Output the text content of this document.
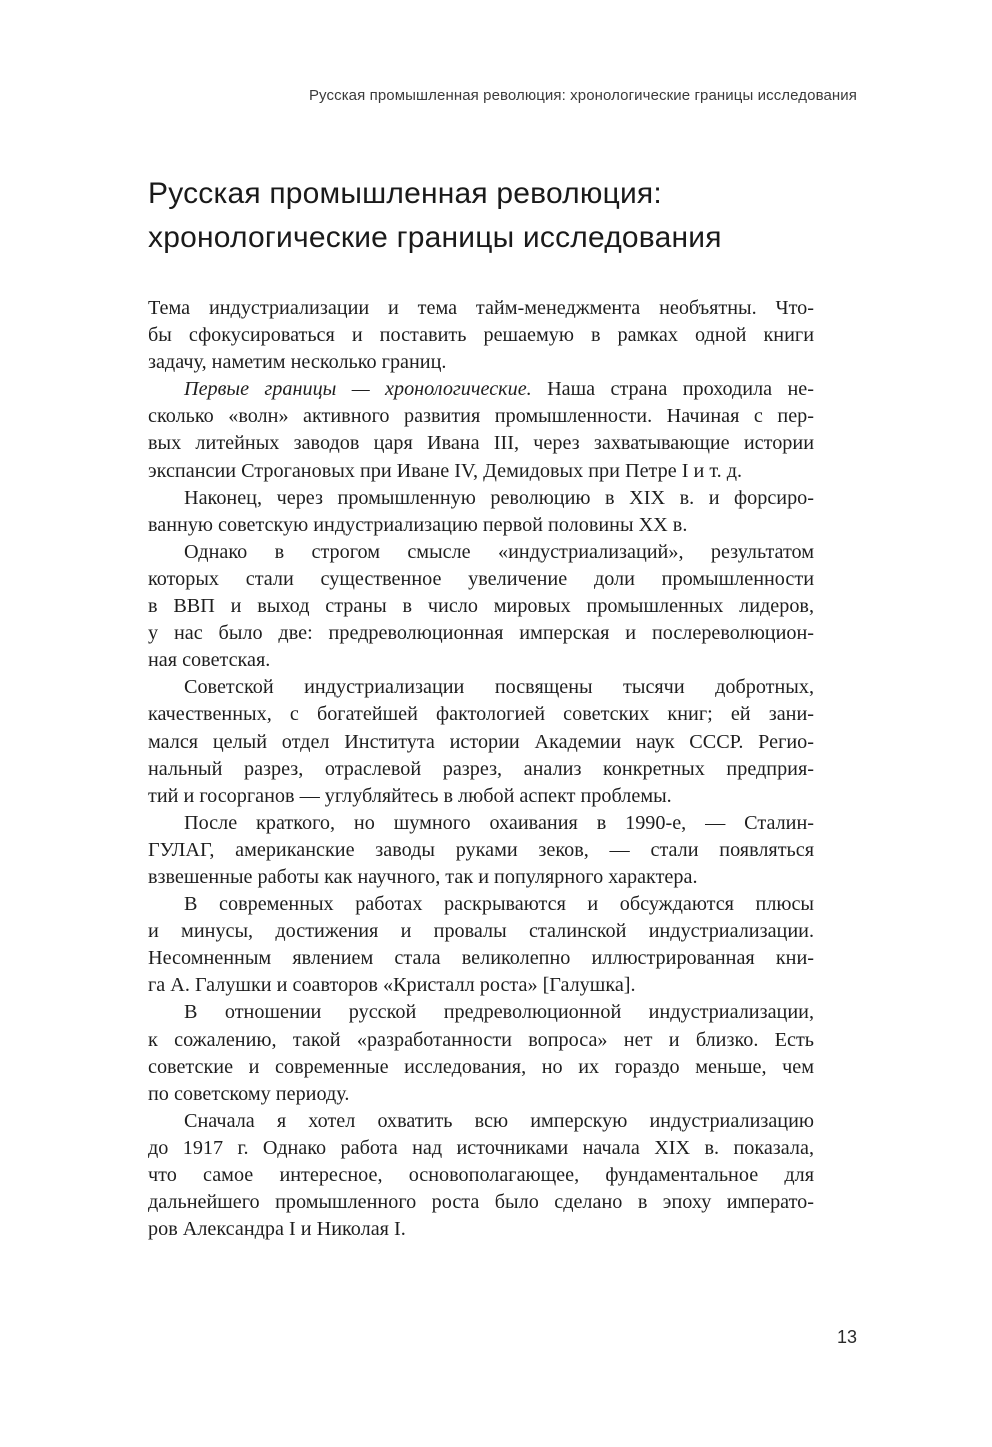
Русская промышленная революция: хронологические границы исследования
Русская промышленная революция:
хронологические границы исследования
Тема индустриализации и тема тайм-менеджмента необъятны. Что-
бы сфокусироваться и поставить решаемую в рамках одной книги
задачу, наметим несколько границ.
Первые границы — хронологические. Наша страна проходила не-
сколько «волн» активного развития промышленности. Начиная с пер-
вых литейных заводов царя Ивана III, через захватывающие истории
экспансии Строгановых при Иване IV, Демидовых при Петре I и т. д.
Наконец, через промышленную революцию в XIX в. и форсиро-
ванную советскую индустриализацию первой половины XX в.
Однако в строгом смысле «индустриализаций», результатом
которых стали существенное увеличение доли промышленности
в ВВП и выход страны в число мировых промышленных лидеров,
у нас было две: предреволюционная имперская и послереволюцион-
ная советская.
Советской индустриализации посвящены тысячи добротных,
качественных, с богатейшей фактологией советских книг; ей зани-
мался целый отдел Института истории Академии наук СССР. Регио-
нальный разрез, отраслевой разрез, анализ конкретных предприя-
тий и госорганов — углубляйтесь в любой аспект проблемы.
После краткого, но шумного охаивания в 1990-е, — Сталин-
ГУЛАГ, американские заводы руками зеков, — стали появляться
взвешенные работы как научного, так и популярного характера.
В современных работах раскрываются и обсуждаются плюсы
и минусы, достижения и провалы сталинской индустриализации.
Несомненным явлением стала великолепно иллюстрированная кни-
га А. Галушки и соавторов «Кристалл роста» [Галушка].
В отношении русской предреволюционной индустриализации,
к сожалению, такой «разработанности вопроса» нет и близко. Есть
советские и современные исследования, но их гораздо меньше, чем
по советскому периоду.
Сначала я хотел охватить всю имперскую индустриализацию
до 1917 г. Однако работа над источниками начала XIX в. показала,
что самое интересное, основополагающее, фундаментальное для
дальнейшего промышленного роста было сделано в эпоху императо-
ров Александра I и Николая I.
13
